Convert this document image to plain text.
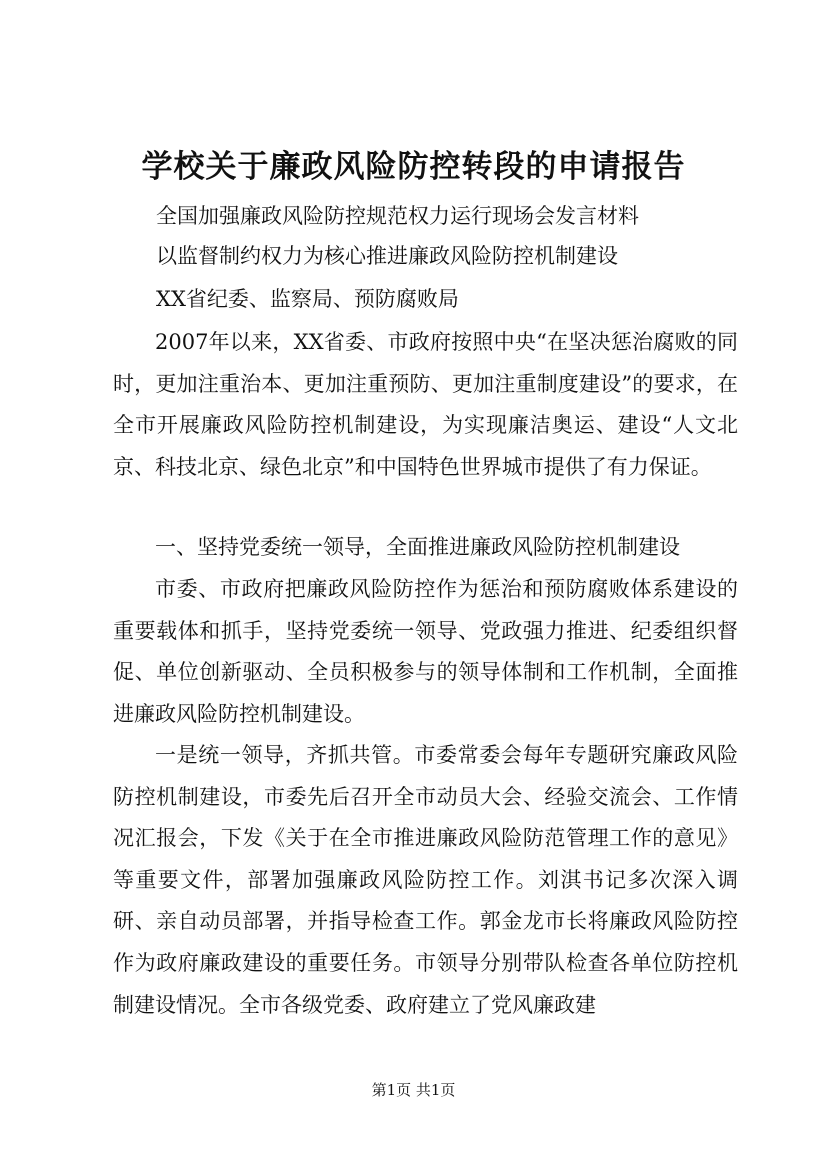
学校关于廉政风险防控转段的申请报告
全国加强廉政风险防控规范权力运行现场会发言材料
以监督制约权力为核心推进廉政风险防控机制建设
XX省纪委、监察局、预防腐败局

2007年以来，XX省委、市政府按照中央“在坚决惩治腐败的同时，更加注重治本、更加注重预防、更加注重制度建设”的要求，在全市开展廉政风险防控机制建设，为实现廉洁奥运、建设“人文北京、科技北京、绿色北京”和中国特色世界城市提供了有力保证。

一、坚持党委统一领导，全面推进廉政风险防控机制建设

市委、市政府把廉政风险防控作为惩治和预防腐败体系建设的重要载体和抓手，坚持党委统一领导、党政强力推进、纪委组织督促、单位创新驱动、全员积极参与的领导体制和工作机制，全面推进廉政风险防控机制建设。

一是统一领导，齐抓共管。市委常委会每年专题研究廉政风险防控机制建设，市委先后召开全市动员大会、经验交流会、工作情况汇报会，下发《关于在全市推进廉政风险防范管理工作的意见》等重要文件，部署加强廉政风险防控工作。刘淇书记多次深入调研、亲自动员部署，并指导检查工作。郭金龙市长将廉政风险防控作为政府廉政建设的重要任务。市领导分别带队检查各单位防控机制建设情况。全市各级党委、政府建立了党风廉政建

第1页 共1页
